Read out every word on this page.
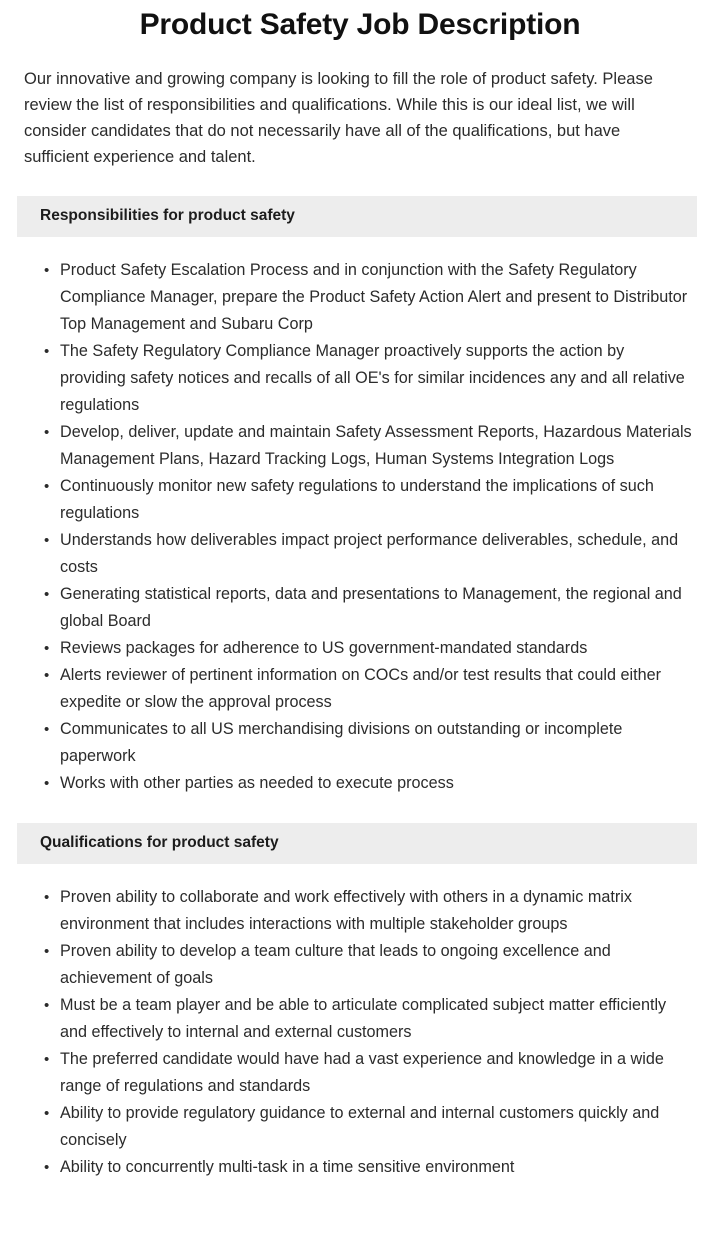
Product Safety Job Description

Our innovative and growing company is looking to fill the role of product safety. Please review the list of responsibilities and qualifications. While this is our ideal list, we will consider candidates that do not necessarily have all of the qualifications, but have sufficient experience and talent.

Responsibilities for product safety
• Product Safety Escalation Process and in conjunction with the Safety Regulatory Compliance Manager, prepare the Product Safety Action Alert and present to Distributor Top Management and Subaru Corp
• The Safety Regulatory Compliance Manager proactively supports the action by providing safety notices and recalls of all OE's for similar incidences any and all relative regulations
• Develop, deliver, update and maintain Safety Assessment Reports, Hazardous Materials Management Plans, Hazard Tracking Logs, Human Systems Integration Logs
• Continuously monitor new safety regulations to understand the implications of such regulations
• Understands how deliverables impact project performance deliverables, schedule, and costs
• Generating statistical reports, data and presentations to Management, the regional and global Board
• Reviews packages for adherence to US government-mandated standards
• Alerts reviewer of pertinent information on COCs and/or test results that could either expedite or slow the approval process
• Communicates to all US merchandising divisions on outstanding or incomplete paperwork
• Works with other parties as needed to execute process
Qualifications for product safety
• Proven ability to collaborate and work effectively with others in a dynamic matrix environment that includes interactions with multiple stakeholder groups
• Proven ability to develop a team culture that leads to ongoing excellence and achievement of goals
• Must be a team player and be able to articulate complicated subject matter efficiently and effectively to internal and external customers
• The preferred candidate would have had a vast experience and knowledge in a wide range of regulations and standards
• Ability to provide regulatory guidance to external and internal customers quickly and concisely
• Ability to concurrently multi-task in a time sensitive environment
